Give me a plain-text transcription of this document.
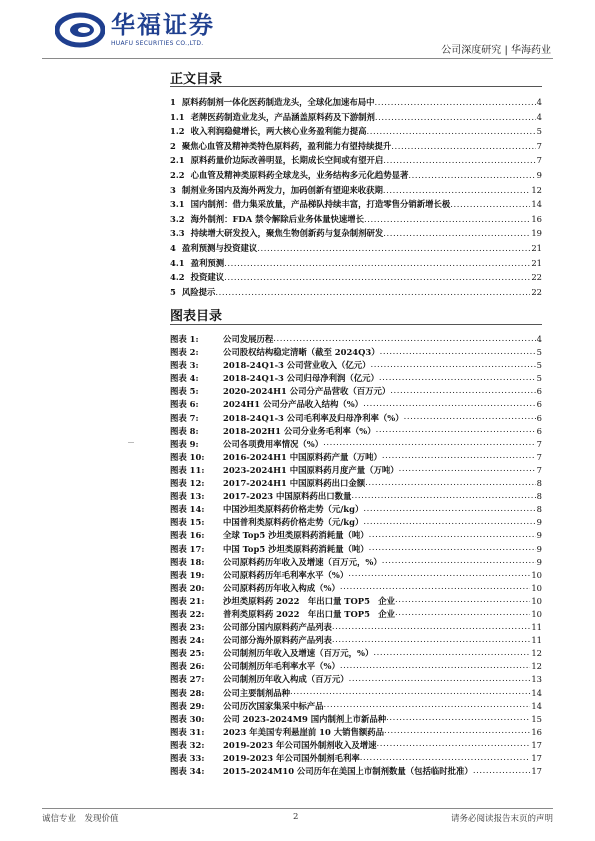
华福证券
HUAFU SECURITIES CO.,LTD.
公司深度研究 | 华海药业
正文目录
1 原料药制剂一体化医药制造龙头，全球化加速布局中 .....	4
1.1 老牌医药制造业龙头，产品涵盖原料药及下游制剂 .....	4
1.2 收入利润稳健增长，两大核心业务盈利能力提高 .....	5
2 聚焦心血管及精神类特色原料药，盈利能力有望持续提升 .....	7
2.1 原料药量价边际改善明显，长期成长空间或有望开启 .....	7
2.2 心血管及精神类原料药全球龙头，业务结构多元化趋势显著 .....	9
3 制剂业务国内及海外两发力，加码创新有望迎来收获期 .....	12
3.1 国内制剂：借力集采放量，产品梯队持续丰富，打造零售分销新增长极 .....	14
3.2 海外制剂：FDA 禁令解除后业务体量快速增长 .....	16
3.3 持续增大研发投入，聚焦生物创新药与复杂制剂研发 .....	19
4 盈利预测与投资建议 .....	21
4.1 盈利预测 .....	21
4.2 投资建议 .....	22
5 风险提示 .....	22
图表目录
图表 1:	公司发展历程 .....	4
图表 2:	公司股权结构稳定清晰（截至 2024Q3） .....	5
图表 3:	2018-24Q1-3 公司营业收入（亿元） .....	5
图表 4:	2018-24Q1-3 公司归母净利润（亿元） .....	5
图表 5:	2020-2024H1 公司分产品营收（百万元） .....	6
图表 6:	2024H1 公司分产品收入结构（%） .....	6
图表 7:	2018-24Q1-3 公司毛利率及归母净利率（%） .....	6
图表 8:	2018-202H1 公司分业务毛利率（%） .....	6
图表 9:	公司各项费用率情况（%） .....	7
图表 10:	2016-2024H1 中国原料药产量（万吨） .....	7
图表 11:	2023-2024H1 中国原料药月度产量（万吨） .....	7
图表 12:	2017-2024H1 中国原料药出口金额 .....	8
图表 13:	2017-2023 中国原料药出口数量 .....	8
图表 14:	中国沙坦类原料药价格走势（元/kg） .....	8
图表 15:	中国普利类原料药价格走势（元/kg） .....	9
图表 16:	全球 Top5 沙坦类原料药消耗量（吨） .....	9
图表 17:	中国 Top5 沙坦类原料药消耗量（吨） .....	9
图表 18:	公司原料药历年收入及增速（百万元，%） .....	9
图表 19:	公司原料药历年毛利率水平（%） .....	10
图表 20:	公司原料药历年收入构成（%） .....	10
图表 21:	沙坦类原料药 2022　年出口量 TOP5　企业 .....	10
图表 22:	普利类原料药 2022　年出口量 TOP5　企业 .....	10
图表 23:	公司部分国内原料药产品列表 .....	11
图表 24:	公司部分海外原料药产品列表 .....	11
图表 25:	公司制剂历年收入及增速（百万元，%） .....	12
图表 26:	公司制剂历年毛利率水平（%） .....	12
图表 27:	公司制剂历年收入构成（百万元） .....	13
图表 28:	公司主要制剂品种 .....	14
图表 29:	公司历次国家集采中标产品 .....	14
图表 30:	公司 2023-2024M9 国内制剂上市新品种 .....	15
图表 31:	2023 年美国专利悬崖前 10 大销售额药品 .....	16
图表 32:	2019-2023 年公司国外制剂收入及增速 .....	17
图表 33:	2019-2023 年公司国外制剂毛利率 .....	17
图表 34:	2015-2024M10 公司历年在美国上市制剂数量（包括临时批准） .....	17
诚信专业　发现价值	2	请务必阅读报告末页的声明
